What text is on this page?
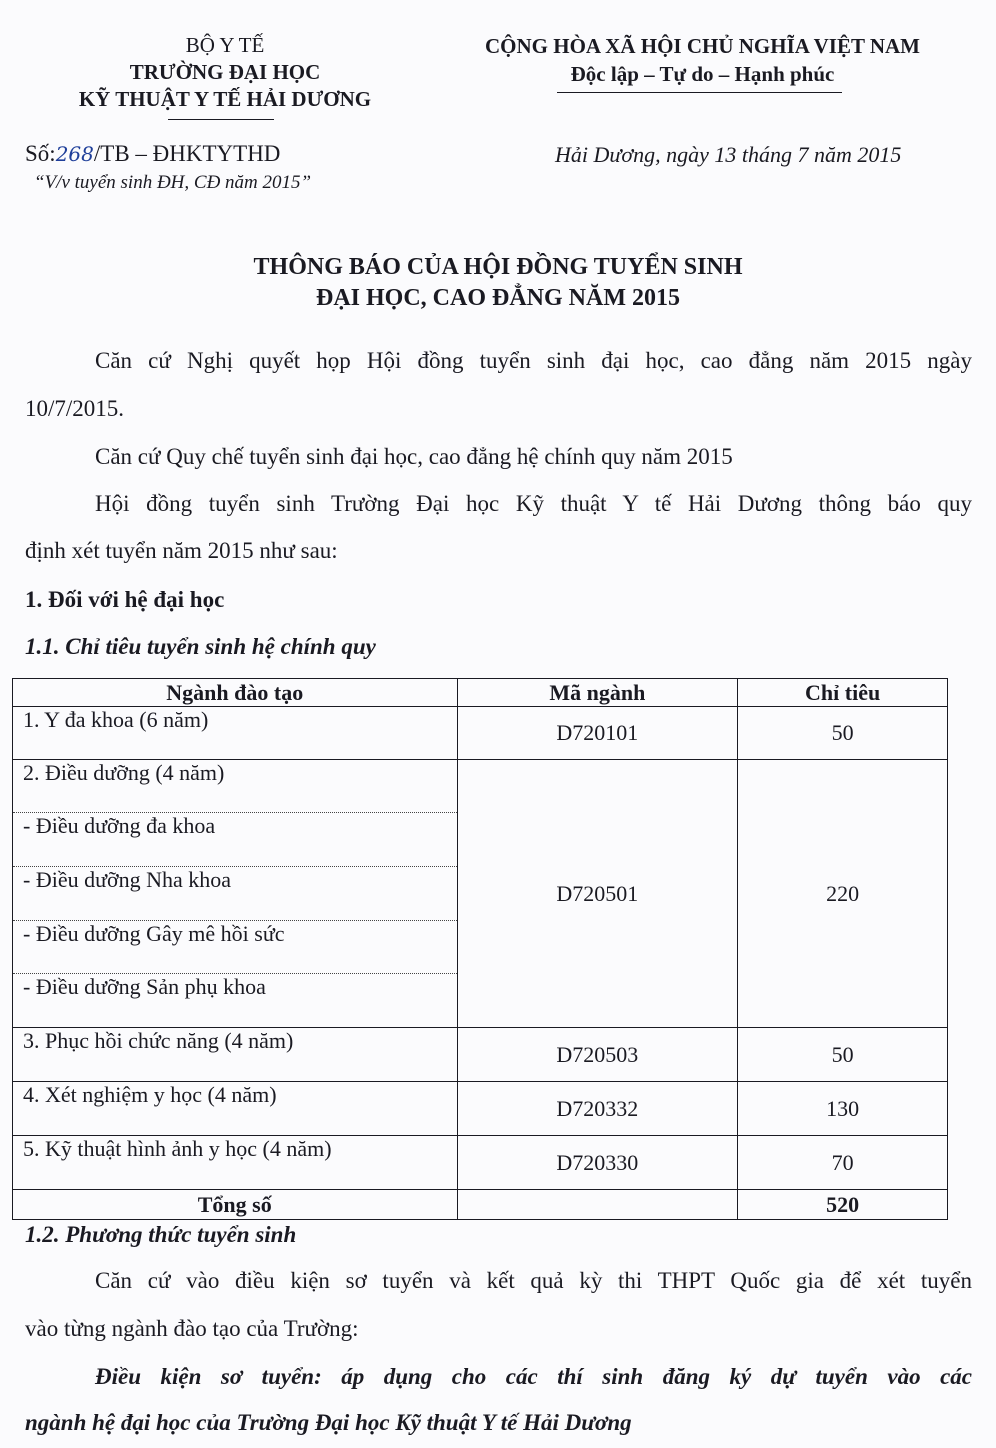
BỘ Y TẾ
TRƯỜNG ĐẠI HỌC
KỸ THUẬT Y TẾ HẢI DƯƠNG
CỘNG HÒA XÃ HỘI CHỦ NGHĨA VIỆT NAM
Độc lập – Tự do – Hạnh phúc
Số:268/TB – ĐHKTYTHD
“V/v tuyển sinh ĐH, CĐ năm 2015”
Hải Dương, ngày 13 tháng 7 năm 2015
THÔNG BÁO CỦA HỘI ĐỒNG TUYỂN SINH
ĐẠI HỌC, CAO ĐẲNG NĂM 2015
Căn cứ Nghị quyết họp Hội đồng tuyển sinh đại học, cao đẳng năm 2015 ngày
10/7/2015.
Căn cứ Quy chế tuyển sinh đại học, cao đẳng hệ chính quy năm 2015
Hội đồng tuyển sinh Trường Đại học Kỹ thuật Y tế Hải Dương thông báo quy
định xét tuyển năm 2015 như sau:
1. Đối với hệ đại học
1.1. Chỉ tiêu tuyển sinh hệ chính quy
Ngành đào tạo	Mã ngành	Chỉ tiêu
1. Y đa khoa (6 năm)	D720101	50
2. Điều dưỡng (4 năm)	D720501	220
- Điều dưỡng đa khoa		
- Điều dưỡng Nha khoa		
- Điều dưỡng Gây mê hồi sức		
- Điều dưỡng Sản phụ khoa		
3. Phục hồi chức năng (4 năm)	D720503	50
4. Xét nghiệm y học (4 năm)	D720332	130
5. Kỹ thuật hình ảnh y học (4 năm)	D720330	70
Tổng số		520
1.2. Phương thức tuyển sinh
Căn cứ vào điều kiện sơ tuyển và kết quả kỳ thi THPT Quốc gia để xét tuyển
vào từng ngành đào tạo của Trường:
Điều kiện sơ tuyển: áp dụng cho các thí sinh đăng ký dự tuyển vào các
ngành hệ đại học của Trường Đại học Kỹ thuật Y tế Hải Dương
